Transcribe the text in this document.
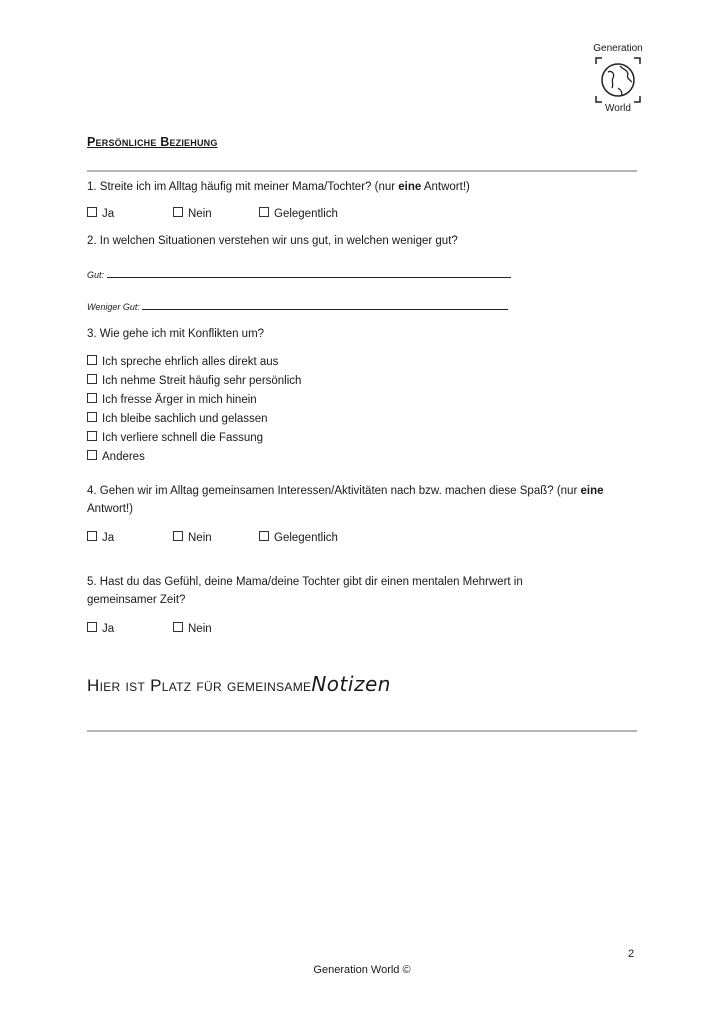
Generation
World
Persönliche Beziehung
1. Streite ich im Alltag häufig mit meiner Mama/Tochter? (nur eine Antwort!)
Ja	Nein	Gelegentlich
2. In welchen Situationen verstehen wir uns gut, in welchen weniger gut?
Gut:
Weniger Gut:
3. Wie gehe ich mit Konflikten um?
Ich spreche ehrlich alles direkt aus
Ich nehme Streit häufig sehr persönlich
Ich fresse Ärger in mich hinein
Ich bleibe sachlich und gelassen
Ich verliere schnell die Fassung
Anderes
4. Gehen wir im Alltag gemeinsamen Interessen/Aktivitäten nach bzw. machen diese Spaß? (nur eine
Antwort!)
Ja	Nein	Gelegentlich
5. Hast du das Gefühl, deine Mama/deine Tochter gibt dir einen mentalen Mehrwert in
gemeinsamer Zeit?
Ja	Nein
Hier ist Platz für gemeinsameNotizen
2
Generation World ©
